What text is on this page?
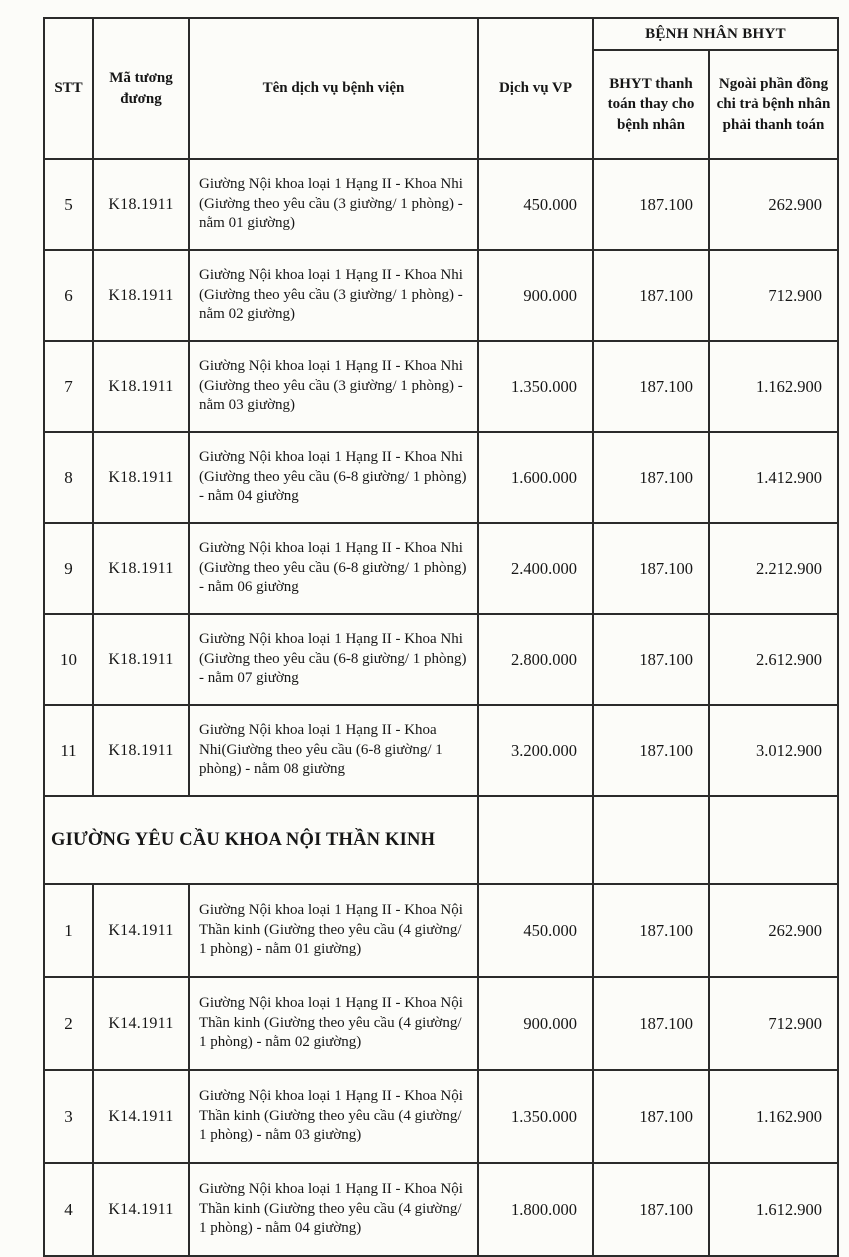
STT	Mã tương đương	Tên dịch vụ bệnh viện	Dịch vụ VP	BỆNH NHÂN BHYT	
				BHYT thanh toán thay cho bệnh nhân	Ngoài phần đồng chi trả bệnh nhân phải thanh toán
5	K18.1911	Giường Nội khoa loại 1 Hạng II - Khoa Nhi (Giường theo yêu cầu (3 giường/ 1 phòng) - nằm 01 giường)	450.000	187.100	262.900
6	K18.1911	Giường Nội khoa loại 1 Hạng II - Khoa Nhi (Giường theo yêu cầu (3 giường/ 1 phòng) - nằm 02 giường)	900.000	187.100	712.900
7	K18.1911	Giường Nội khoa loại 1 Hạng II - Khoa Nhi (Giường theo yêu cầu (3 giường/ 1 phòng) - nằm 03 giường)	1.350.000	187.100	1.162.900
8	K18.1911	Giường Nội khoa loại 1 Hạng II - Khoa Nhi (Giường theo yêu cầu (6-8 giường/ 1 phòng) - nằm 04 giường	1.600.000	187.100	1.412.900
9	K18.1911	Giường Nội khoa loại 1 Hạng II - Khoa Nhi (Giường theo yêu cầu (6-8 giường/ 1 phòng) - nằm 06 giường	2.400.000	187.100	2.212.900
10	K18.1911	Giường Nội khoa loại 1 Hạng II - Khoa Nhi (Giường theo yêu cầu (6-8 giường/ 1 phòng) - nằm 07 giường	2.800.000	187.100	2.612.900
11	K18.1911	Giường Nội khoa loại 1 Hạng II - Khoa Nhi(Giường theo yêu cầu (6-8 giường/ 1 phòng) - nằm 08 giường	3.200.000	187.100	3.012.900
GIƯỜNG YÊU CẦU KHOA NỘI THẦN KINH					
1	K14.1911	Giường Nội khoa loại 1 Hạng II - Khoa Nội Thần kinh (Giường theo yêu cầu (4 giường/ 1 phòng) - nằm 01 giường)	450.000	187.100	262.900
2	K14.1911	Giường Nội khoa loại 1 Hạng II - Khoa Nội Thần kinh (Giường theo yêu cầu (4 giường/ 1 phòng) - nằm 02 giường)	900.000	187.100	712.900
3	K14.1911	Giường Nội khoa loại 1 Hạng II - Khoa Nội Thần kinh (Giường theo yêu cầu (4 giường/ 1 phòng) - nằm 03 giường)	1.350.000	187.100	1.162.900
4	K14.1911	Giường Nội khoa loại 1 Hạng II - Khoa Nội Thần kinh (Giường theo yêu cầu (4 giường/ 1 phòng) - nằm 04 giường)	1.800.000	187.100	1.612.900
